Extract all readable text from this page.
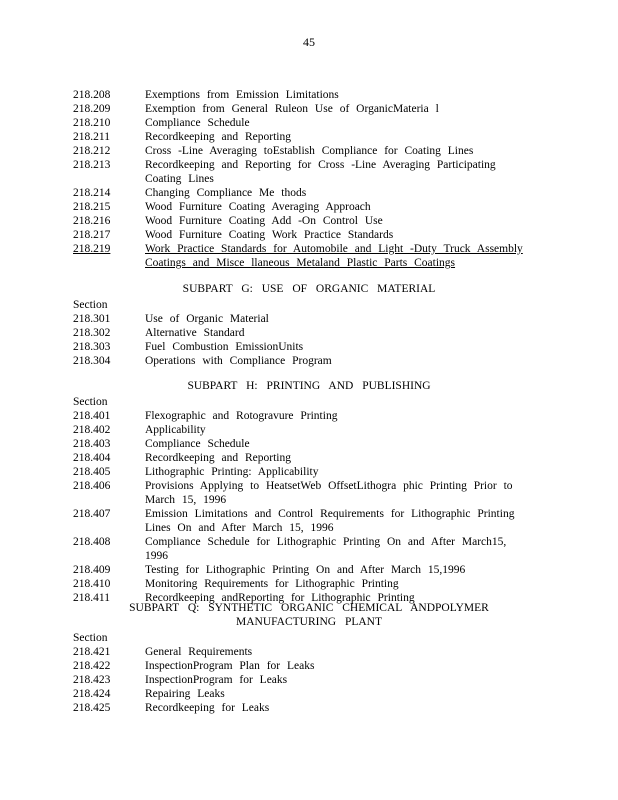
45
218.208	Exemptions from Emission Limitations
218.209	Exemption from General Ruleon Use of OrganicMateria l
218.210	Compliance Schedule
218.211	Recordkeeping and Reporting
218.212	Cross -Line Averaging toEstablish Compliance for Coating Lines
218.213	Recordkeeping and Reporting for Cross -Line Averaging Participating Coating Lines
218.214	Changing Compliance Me thods
218.215	Wood Furniture Coating Averaging Approach
218.216	Wood Furniture Coating Add -On Control Use
218.217	Wood Furniture Coating Work Practice Standards
218.219	Work Practice Standards for Automobile and Light -Duty Truck Assembly Coatings and Misce llaneous Metaland Plastic Parts Coatings
SUBPART G: USE OF ORGANIC MATERIAL
Section
218.301	Use of Organic Material
218.302	Alternative Standard
218.303	Fuel Combustion EmissionUnits
218.304	Operations with Compliance Program
SUBPART H: PRINTING AND PUBLISHING
Section
218.401	Flexographic and Rotogravure Printing
218.402	Applicability
218.403	Compliance Schedule
218.404	Recordkeeping and Reporting
218.405	Lithographic Printing: Applicability
218.406	Provisions Applying to HeatsetWeb OffsetLithogra phic Printing Prior to March 15, 1996
218.407	Emission Limitations and Control Requirements for Lithographic Printing Lines On and After March 15, 1996
218.408	Compliance Schedule for Lithographic Printing On and After March15, 1996
218.409	Testing for Lithographic Printing On and After March 15,1996
218.410	Monitoring Requirements for Lithographic Printing
218.411	Recordkeeping andReporting for Lithographic Printing
SUBPART Q: SYNTHETIC ORGANIC CHEMICAL ANDPOLYMER
MANUFACTURING PLANT
Section
218.421	General Requirements
218.422	InspectionProgram Plan for Leaks
218.423	InspectionProgram for Leaks
218.424	Repairing Leaks
218.425	Recordkeeping for Leaks
